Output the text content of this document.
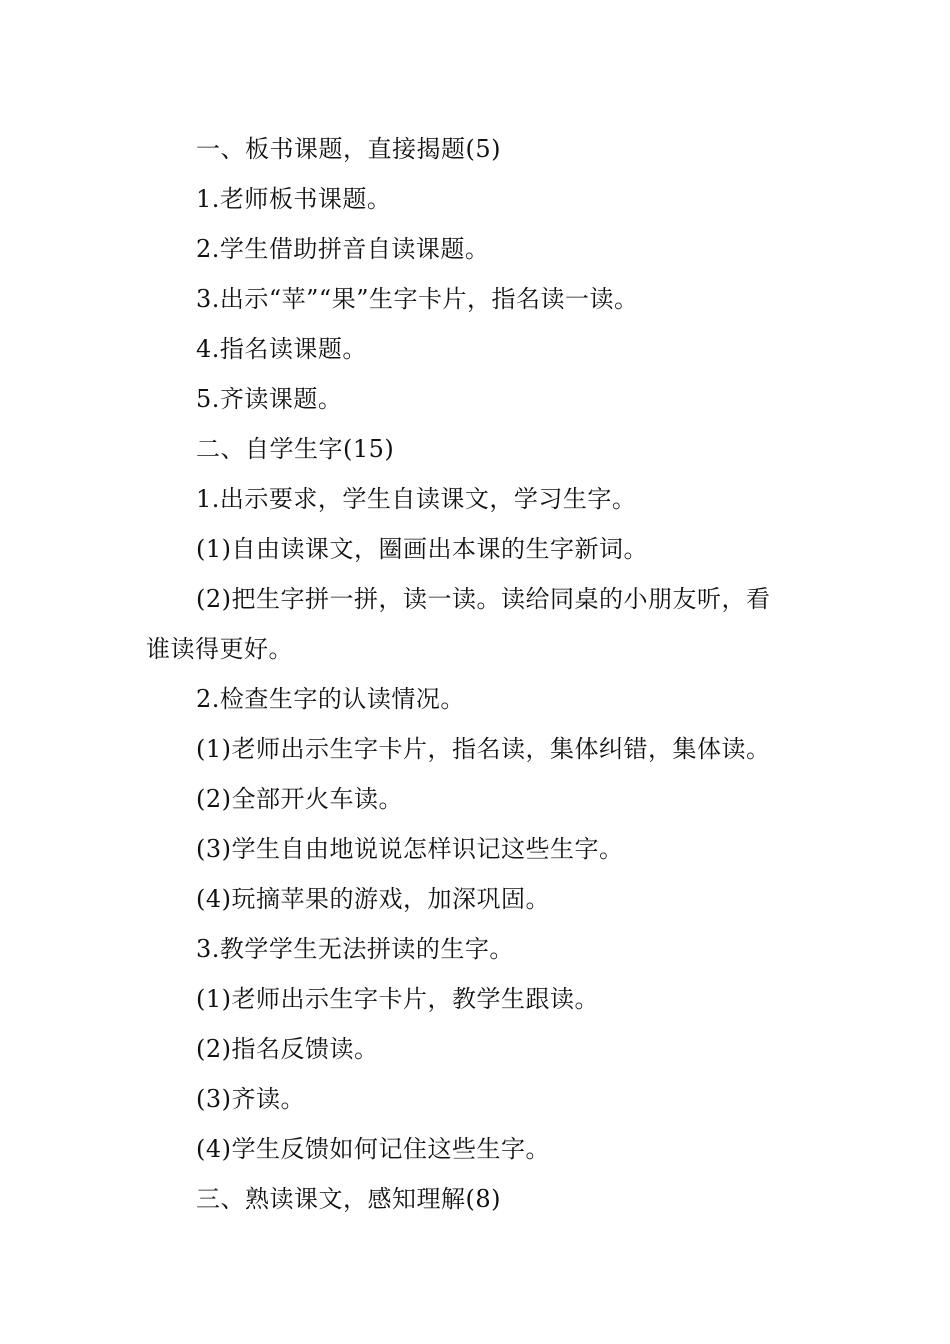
一、板书课题，直接揭题(5)
1.老师板书课题。
2.学生借助拼音自读课题。
3.出示“苹”“果”生字卡片，指名读一读。
4.指名读课题。
5.齐读课题。
二、自学生字(15)
1.出示要求，学生自读课文，学习生字。
(1)自由读课文，圈画出本课的生字新词。
(2)把生字拼一拼，读一读。读给同桌的小朋友听，看
谁读得更好。
2.检查生字的认读情况。
(1)老师出示生字卡片，指名读，集体纠错，集体读。
(2)全部开火车读。
(3)学生自由地说说怎样识记这些生字。
(4)玩摘苹果的游戏，加深巩固。
3.教学学生无法拼读的生字。
(1)老师出示生字卡片，教学生跟读。
(2)指名反馈读。
(3)齐读。
(4)学生反馈如何记住这些生字。
三、熟读课文，感知理解(8)
